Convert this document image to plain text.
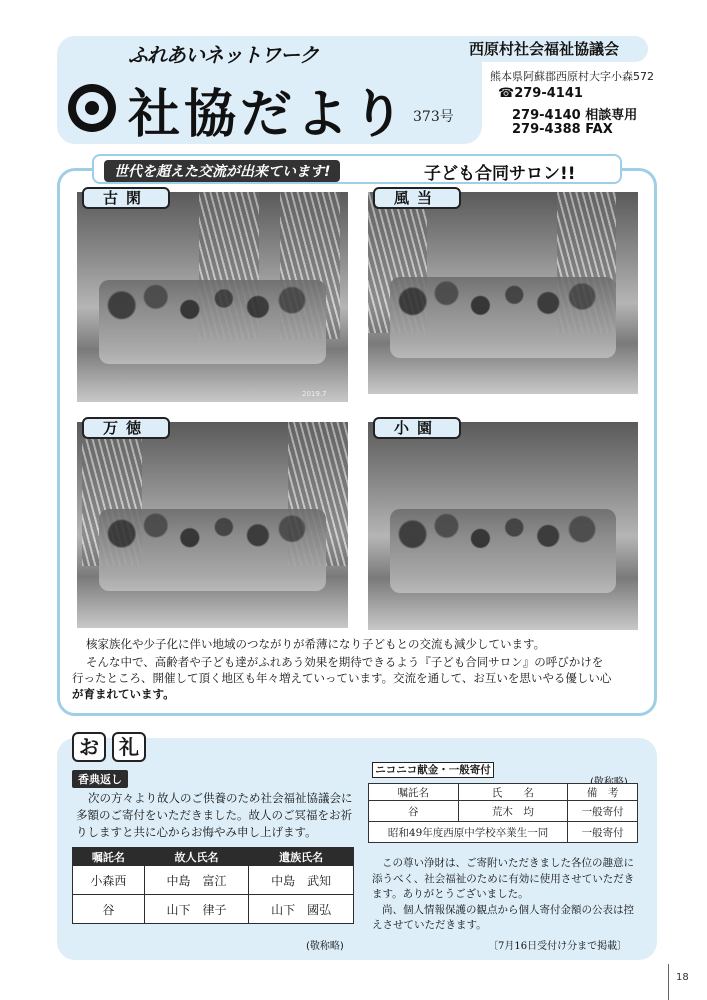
ふれあいネットワーク
社協だより 373号
西原村社会福祉協議会
熊本県阿蘇郡西原村大字小森572
☎279-4141
279-4140 相談専用
279-4388 FAX
世代を超えた交流が出来ています!	子ども合同サロン!!
2019.7
古閑	風当
万徳	小園
核家族化や少子化に伴い地域のつながりが希薄になり子どもとの交流も減少しています。
そんな中で、高齢者や子ども達がふれあう効果を期待できるよう『子ども合同サロン』の呼びかけを
行ったところ、開催して頂く地区も年々増えていっています。交流を通して、お互いを思いやる優しい心
が育まれています。
お	礼
香典返し
次の方々より故人のご供養のため社会福祉協議会に多額のご寄付をいただきました。故人のご冥福をお祈りしますと共に心からお悔やみ申し上げます。
嘱託名	故人氏名	遺族氏名
小森西	中島　富江	中島　武知
谷	山下　律子	山下　國弘
(敬称略)
ニコニコ献金・一般寄付
嘱託名	氏　　名	備　考
谷	荒木　均	一般寄付
昭和49年度西原中学校卒業生一同		一般寄付
この尊い浄財は、ご寄附いただきました各位の趣意に添うべく、社会福祉のために有効に使用させていただきます。ありがとうございました。
尚、個人情報保護の観点から個人寄付金額の公表は控えさせていただきます。
〔7月16日受付け分まで掲載〕
18
